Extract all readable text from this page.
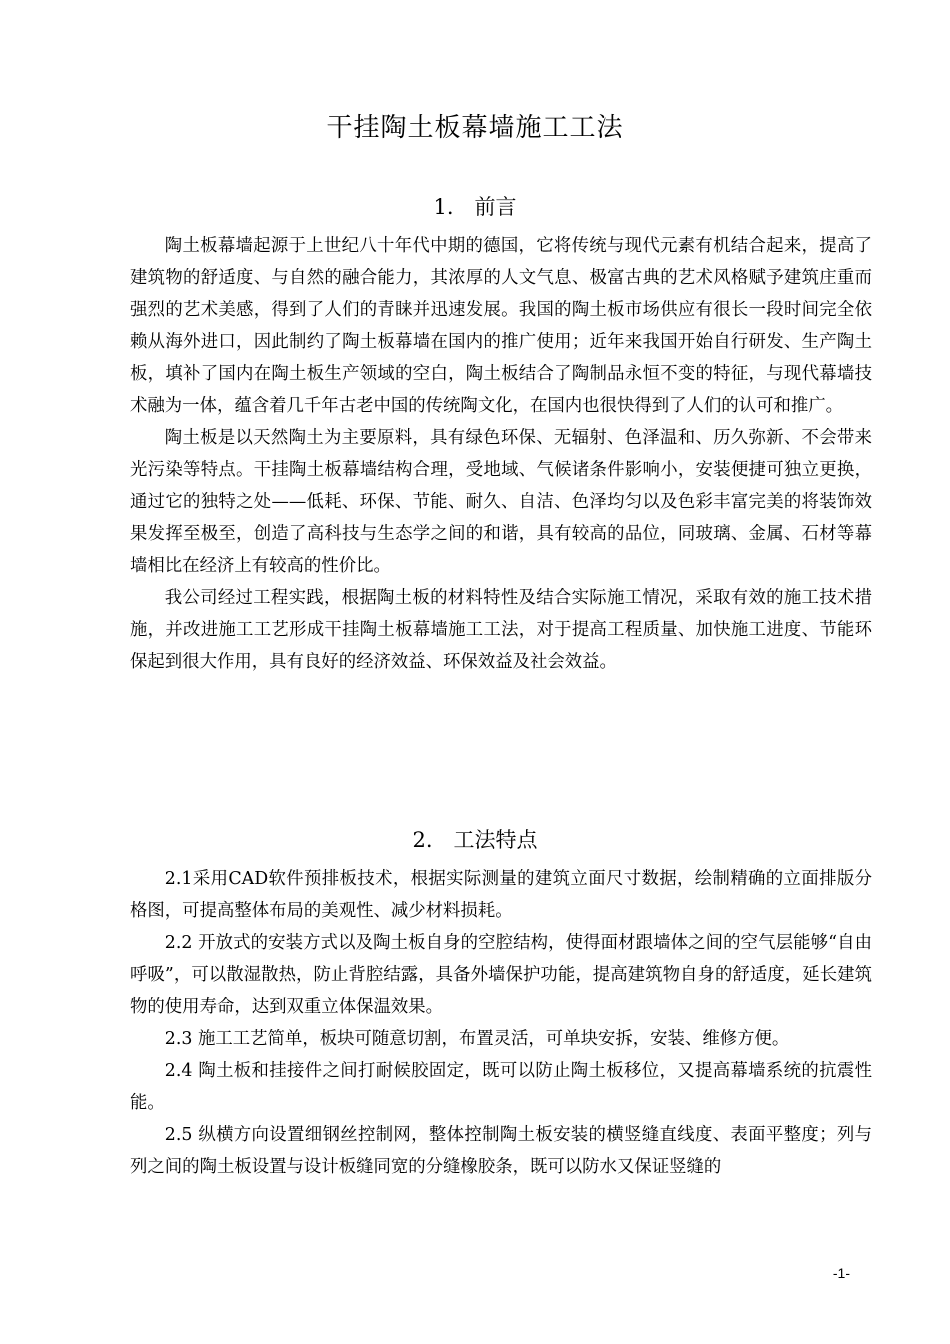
干挂陶土板幕墙施工工法
1.　前言

陶土板幕墙起源于上世纪八十年代中期的德国，它将传统与现代元素有机结合起来，提高了建筑物的舒适度、与自然的融合能力，其浓厚的人文气息、极富古典的艺术风格赋予建筑庄重而强烈的艺术美感，得到了人们的青睐并迅速发展。我国的陶土板市场供应有很长一段时间完全依赖从海外进口，因此制约了陶土板幕墙在国内的推广使用；近年来我国开始自行研发、生产陶土板，填补了国内在陶土板生产领域的空白，陶土板结合了陶制品永恒不变的特征，与现代幕墙技术融为一体，蕴含着几千年古老中国的传统陶文化，在国内也很快得到了人们的认可和推广。

陶土板是以天然陶土为主要原料，具有绿色环保、无辐射、色泽温和、历久弥新、不会带来光污染等特点。干挂陶土板幕墙结构合理，受地域、气候诸条件影响小，安装便捷可独立更换，通过它的独特之处——低耗、环保、节能、耐久、自洁、色泽均匀以及色彩丰富完美的将装饰效果发挥至极至，创造了高科技与生态学之间的和谐，具有较高的品位，同玻璃、金属、石材等幕墙相比在经济上有较高的性价比。

我公司经过工程实践，根据陶土板的材料特性及结合实际施工情况，采取有效的施工技术措施，并改进施工工艺形成干挂陶土板幕墙施工工法，对于提高工程质量、加快施工进度、节能环保起到很大作用，具有良好的经济效益、环保效益及社会效益。

2.　工法特点

2.1采用CAD软件预排板技术，根据实际测量的建筑立面尺寸数据，绘制精确的立面排版分格图，可提高整体布局的美观性、减少材料损耗。

2.2 开放式的安装方式以及陶土板自身的空腔结构，使得面材跟墙体之间的空气层能够“自由呼吸”，可以散湿散热，防止背腔结露，具备外墙保护功能，提高建筑物自身的舒适度，延长建筑物的使用寿命，达到双重立体保温效果。

2.3 施工工艺简单，板块可随意切割，布置灵活，可单块安拆，安装、维修方便。

2.4 陶土板和挂接件之间打耐候胶固定，既可以防止陶土板移位，又提高幕墙系统的抗震性能。

2.5 纵横方向设置细钢丝控制网，整体控制陶土板安装的横竖缝直线度、表面平整度；列与列之间的陶土板设置与设计板缝同宽的分缝橡胶条，既可以防水又保证竖缝的

-1-
